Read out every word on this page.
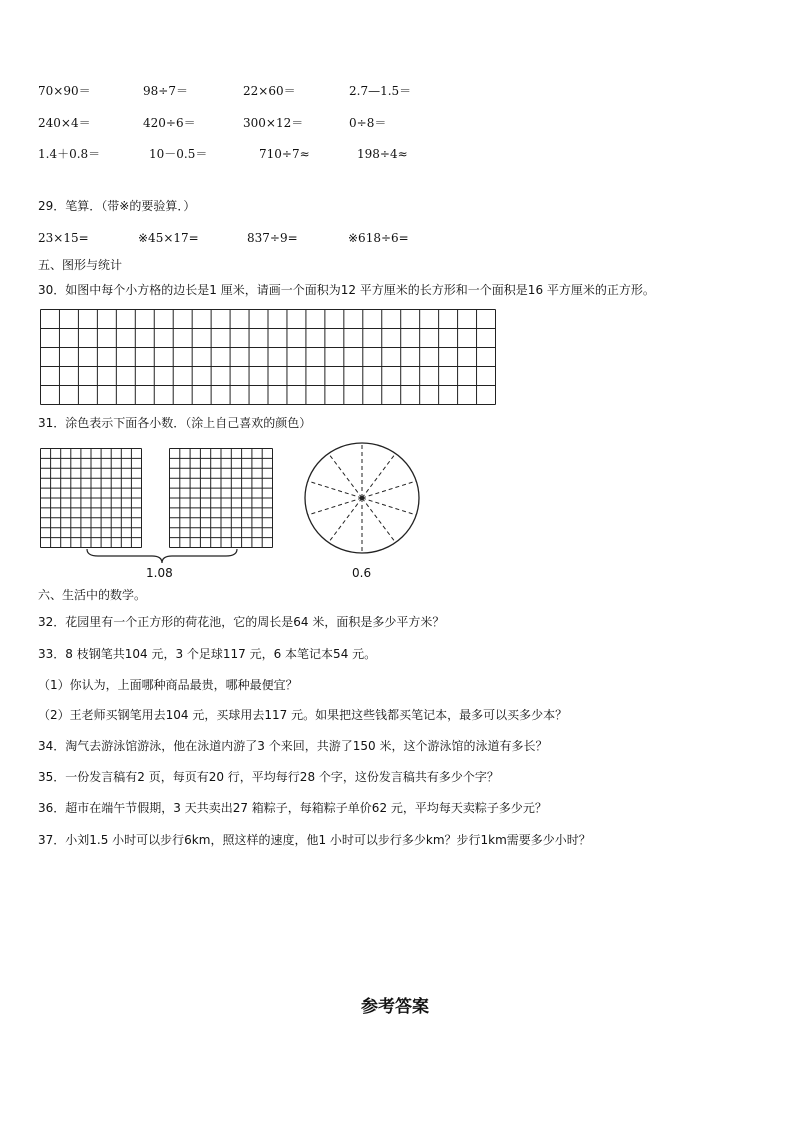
70×90＝	98÷7＝	22×60＝	2.7—1.5＝
240×4＝	420÷6＝	300×12＝	0÷8＝
1.4＋0.8＝	10－0.5＝	710÷7≈	198÷4≈
29．笔算．（带※的要验算．）
23×15=	※45×17=	837÷9=	※618÷6=
五、图形与统计
30．如图中每个小方格的边长是1 厘米，请画一个面积为12 平方厘米的长方形和一个面积是16 平方厘米的正方形。
31．涂色表示下面各小数．（涂上自己喜欢的颜色）
1.08	0.6
六、生活中的数学。
32．花园里有一个正方形的荷花池，它的周长是64 米，面积是多少平方米？
33．8 枝钢笔共104 元，3 个足球117 元，6 本笔记本54 元。
（1）你认为，上面哪种商品最贵，哪种最便宜？
（2）王老师买钢笔用去104 元，买球用去117 元。如果把这些钱都买笔记本，最多可以买多少本？
34．淘气去游泳馆游泳，他在泳道内游了3 个来回，共游了150 米，这个游泳馆的泳道有多长？
35．一份发言稿有2 页，每页有20 行，平均每行28 个字，这份发言稿共有多少个字？
36．超市在端午节假期，3 天共卖出27 箱粽子，每箱粽子单价62 元，平均每天卖粽子多少元？
37．小刘1.5 小时可以步行6km，照这样的速度，他1 小时可以步行多少km？步行1km需要多少小时？
参考答案
